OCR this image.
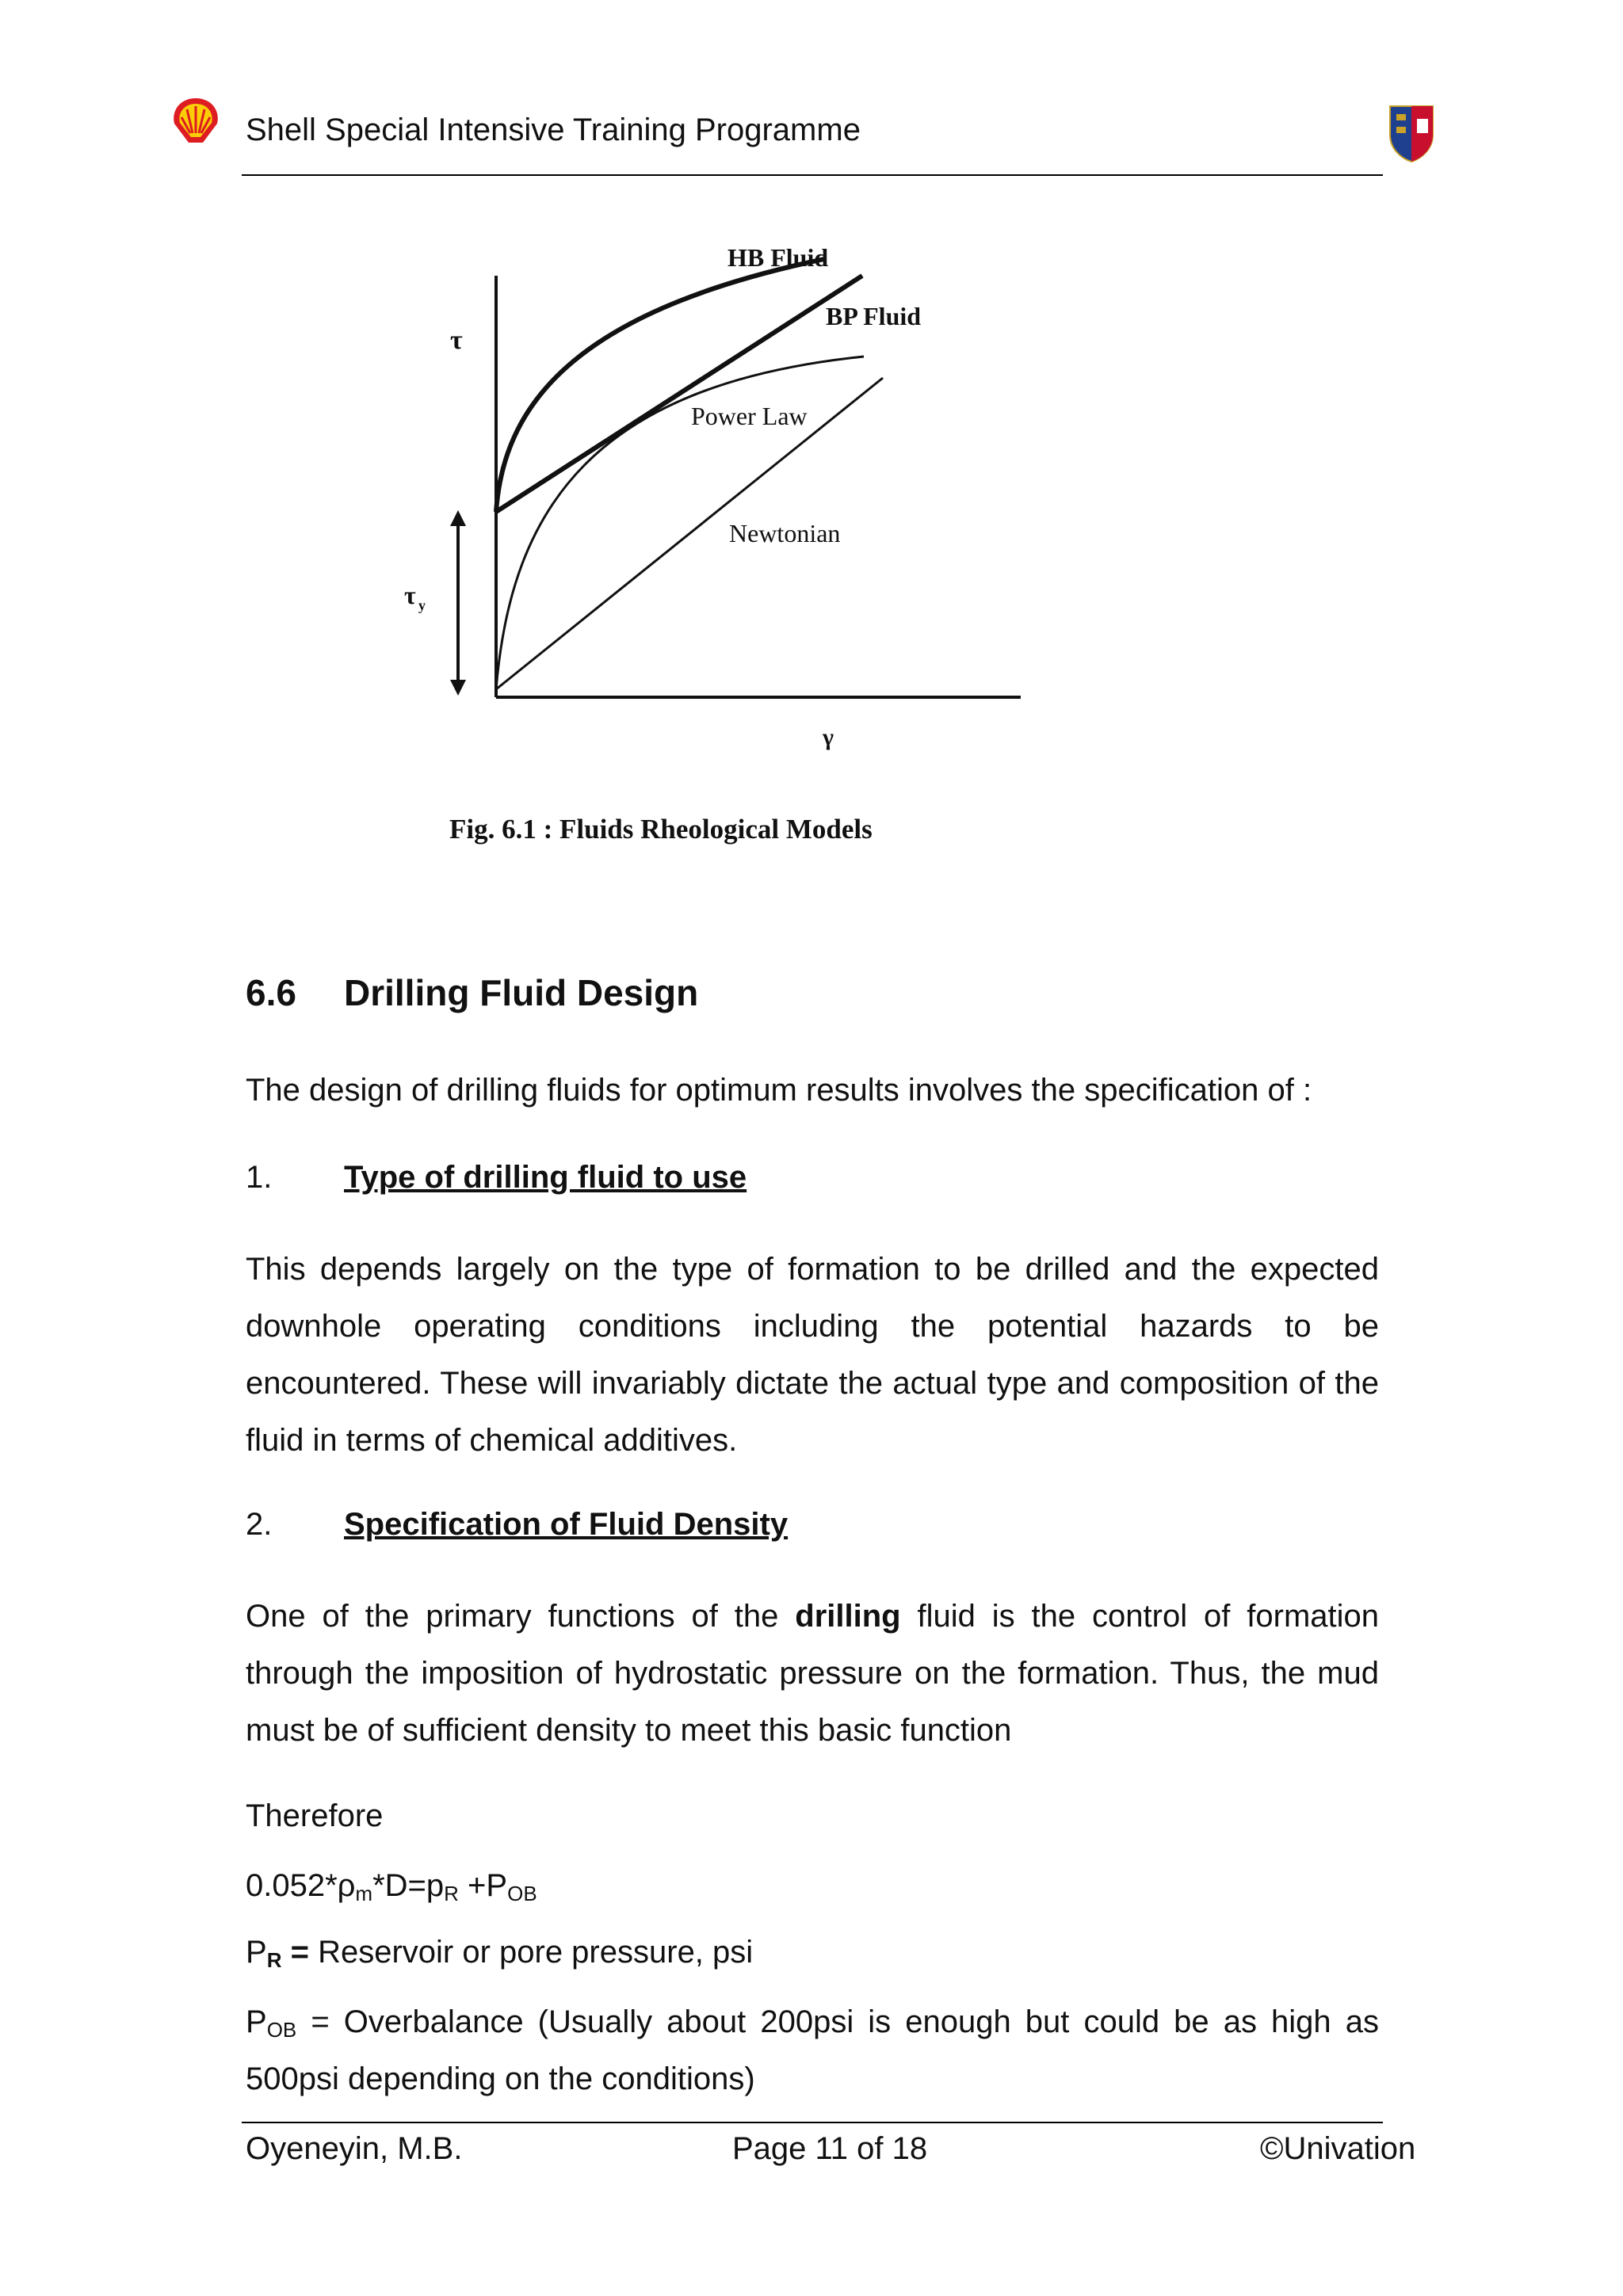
Shell Special Intensive Training Programme
HB Fluid
BP Fluid
Power Law
Newtonian
τ
τ y
γ
Fig. 6.1 : Fluids Rheological Models
6.6 Drilling Fluid Design
The design of drilling fluids for optimum results involves the specification of :
1. Type of drilling fluid to use
This depends largely on the type of formation to be drilled and the expected downhole operating conditions including the potential hazards to be encountered. These will invariably dictate the actual type and composition of the fluid in terms of chemical additives.
2. Specification of Fluid Density
One of the primary functions of the drilling fluid is the control of formation through the imposition of hydrostatic pressure on the formation. Thus, the mud must be of sufficient density to meet this basic function
Therefore
$0.052*\rho_m*D=p_R +P_{OB}$
$P_R$ = Reservoir or pore pressure, psi
$P_{OB}$ = Overbalance (Usually about 200psi is enough but could be as high as 500psi depending on the conditions)
Oyeneyin, M.B.	Page 11 of 18	©Univation
